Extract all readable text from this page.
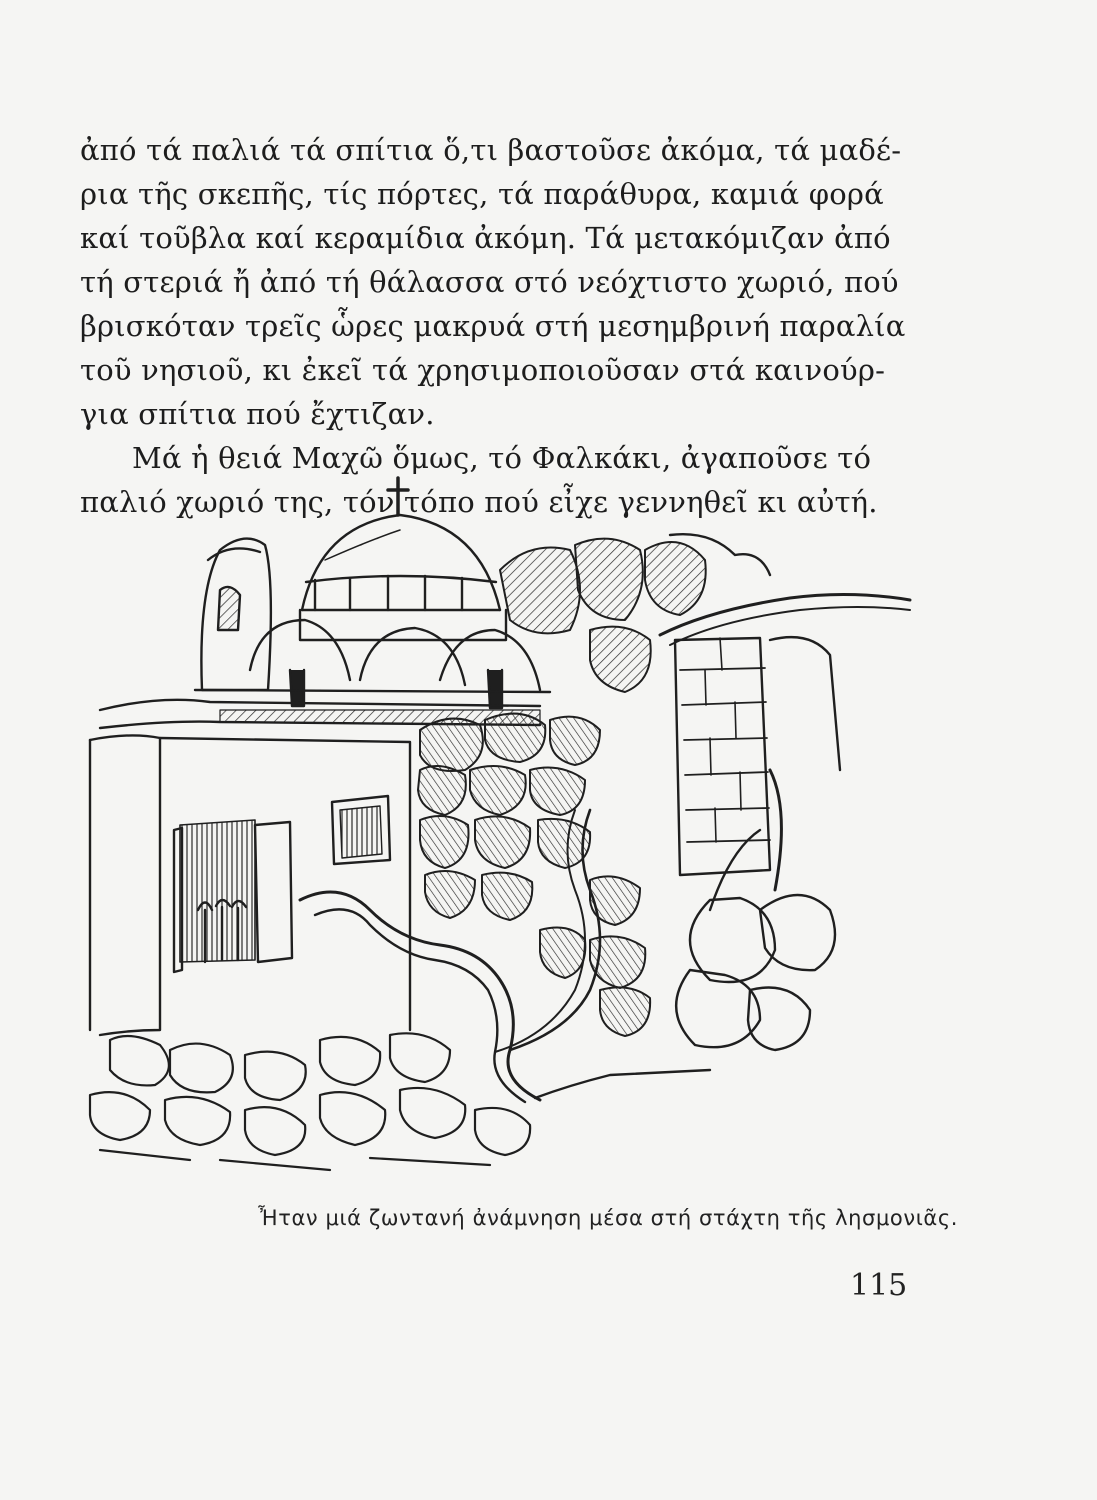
ἀπό τά παλιά τά σπίτια ὅ,τι βαστοῦσε ἀκόμα, τά μαδέ-
ρια τῆς σκεπῆς, τίς πόρτες, τά παράθυρα, καμιά φορά
καί τοῦβλα καί κεραμίδια ἀκόμη. Τά μετακόμιζαν ἀπό
τή στεριά ἤ ἀπό τή θάλασσα στό νεόχτιστο χωριό, πού
βρισκόταν τρεῖς ὧρες μακρυά στή μεσημβρινή παραλία
τοῦ νησιοῦ, κι ἐκεῖ τά χρησιμοποιοῦσαν στά καινούρ-
για σπίτια πού ἔχτιζαν.
Μά ἡ θειά Μαχῶ ὅμως, τό Φαλκάκι, ἀγαποῦσε τό
παλιό χωριό της, τόν τόπο πού εἶχε γεννηθεῖ κι αὐτή.
Ἦταν μιά ζωντανή ἀνάμνηση μέσα στή στάχτη τῆς λησμονιᾶς.
115
